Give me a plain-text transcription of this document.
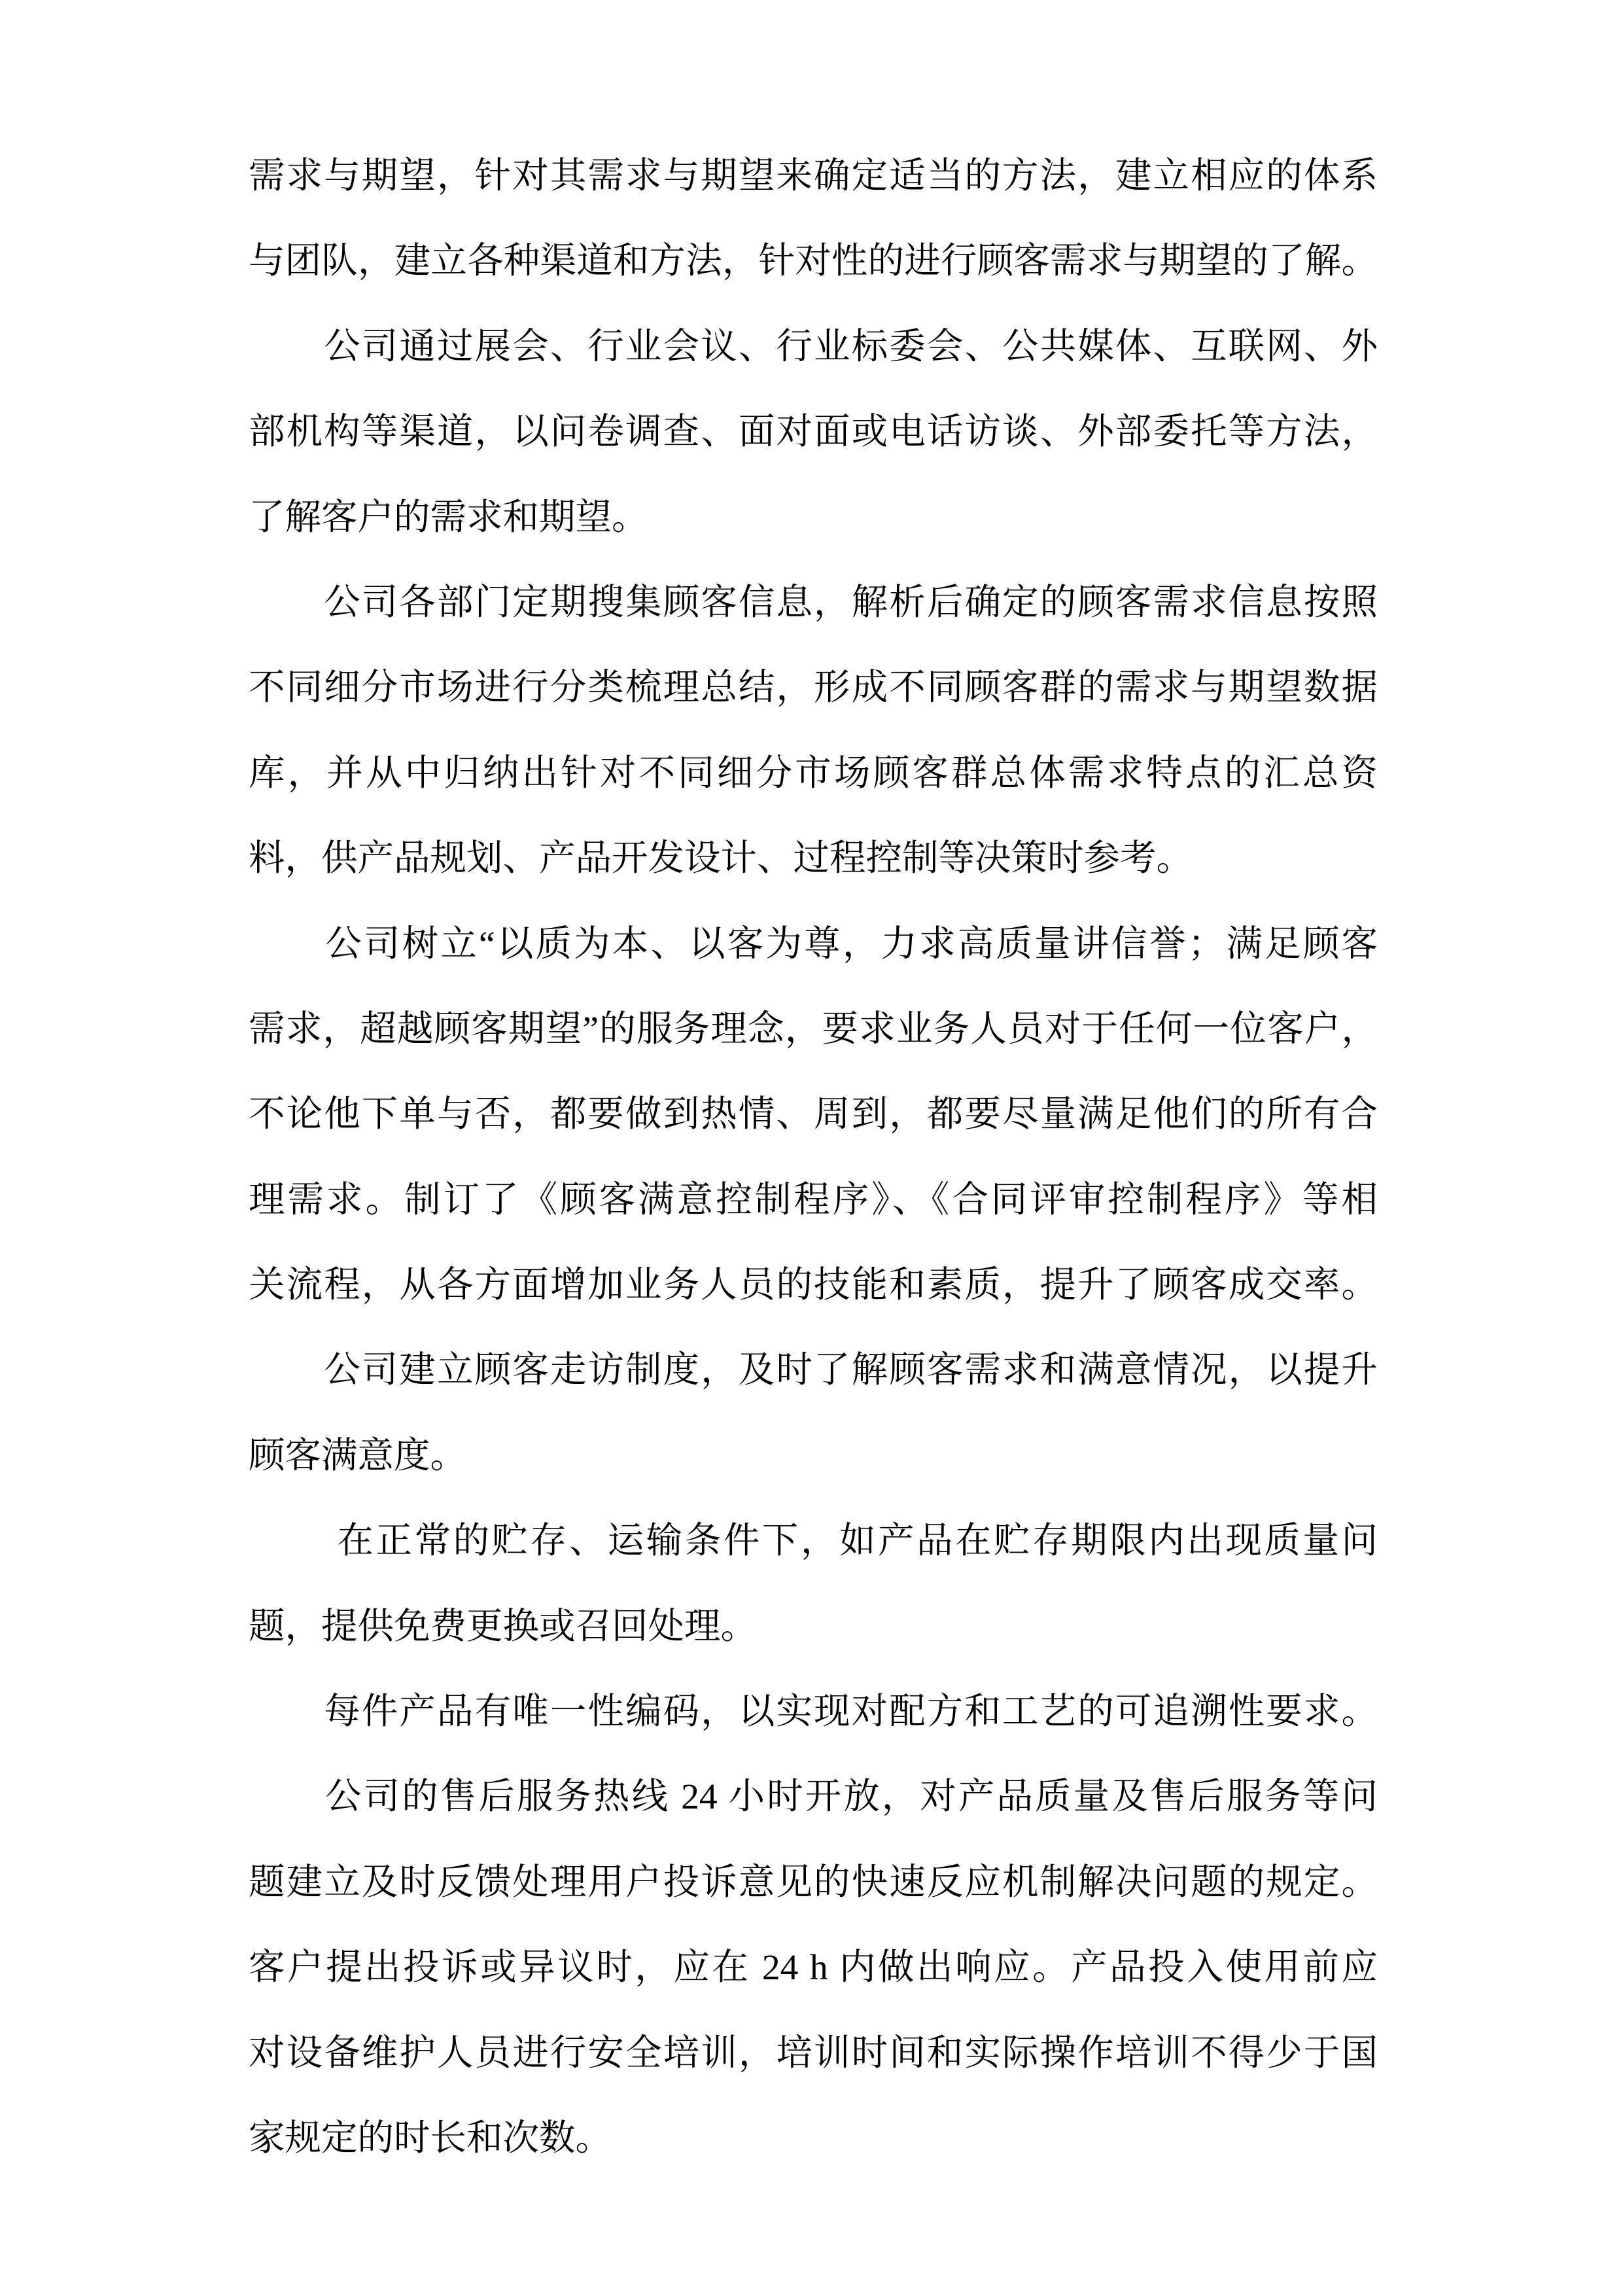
需求与期望，针对其需求与期望来确定适当的方法，建立相应的体系
与团队，建立各种渠道和方法，针对性的进行顾客需求与期望的了解。
　　公司通过展会、行业会议、行业标委会、公共媒体、互联网、外
部机构等渠道，以问卷调查、面对面或电话访谈、外部委托等方法，
了解客户的需求和期望。
　　公司各部门定期搜集顾客信息，解析后确定的顾客需求信息按照
不同细分市场进行分类梳理总结，形成不同顾客群的需求与期望数据
库，并从中归纳出针对不同细分市场顾客群总体需求特点的汇总资
料，供产品规划、产品开发设计、过程控制等决策时参考。
　　公司树立“以质为本、以客为尊，力求高质量讲信誉；满足顾客
需求，超越顾客期望”的服务理念，要求业务人员对于任何一位客户，
不论他下单与否，都要做到热情、周到，都要尽量满足他们的所有合
理需求。制订了《顾客满意控制程序》、《合同评审控制程序》等相
关流程，从各方面增加业务人员的技能和素质，提升了顾客成交率。
　　公司建立顾客走访制度，及时了解顾客需求和满意情况，以提升
顾客满意度。
　　 在正常的贮存、运输条件下，如产品在贮存期限内出现质量问
题，提供免费更换或召回处理。
　　每件产品有唯一性编码，以实现对配方和工艺的可追溯性要求。
　　公司的售后服务热线 24 小时开放，对产品质量及售后服务等问
题建立及时反馈处理用户投诉意见的快速反应机制解决问题的规定。
客户提出投诉或异议时，应在 24 h 内做出响应。产品投入使用前应
对设备维护人员进行安全培训，培训时间和实际操作培训不得少于国
家规定的时长和次数。
